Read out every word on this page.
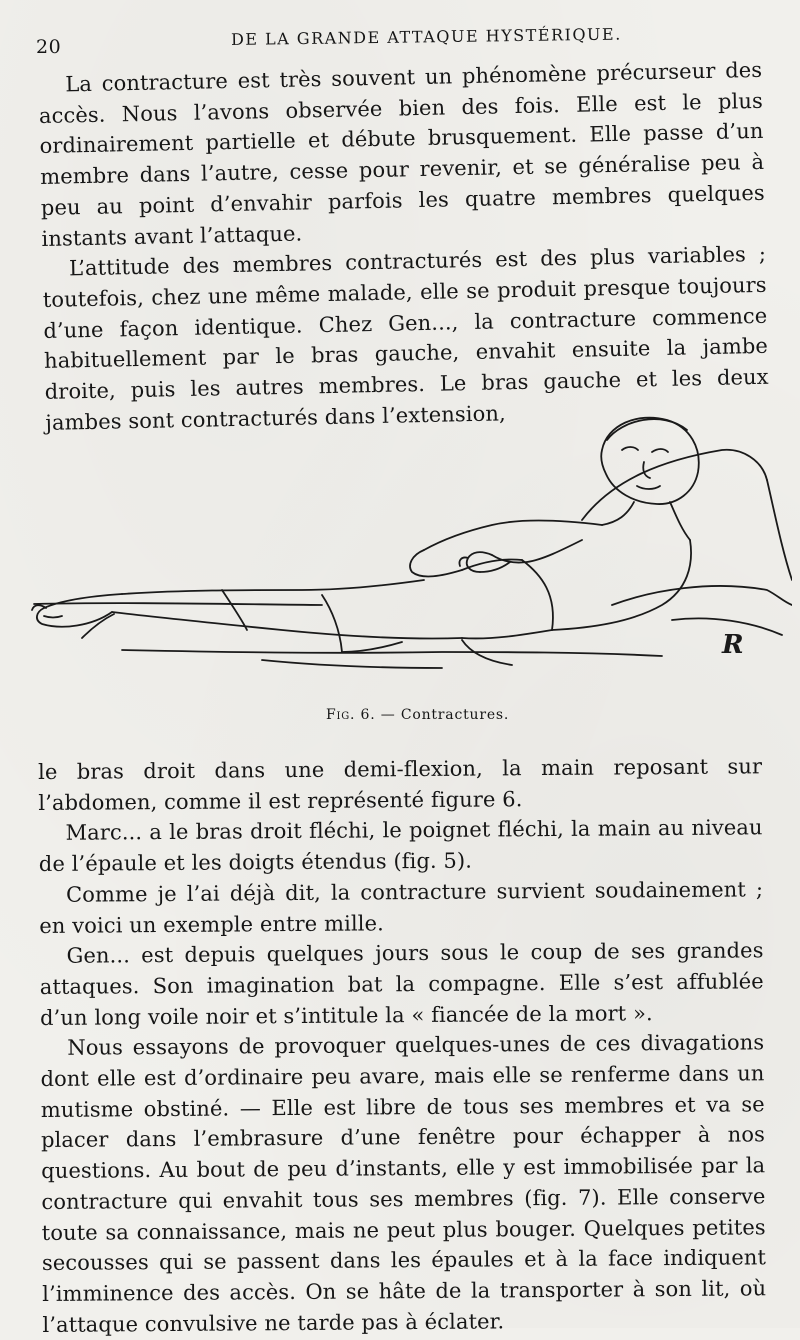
20	DE LA GRANDE ATTAQUE HYSTÉRIQUE.

La contracture est très souvent un phénomène précurseur des accès. Nous l’avons observée bien des fois. Elle est le plus ordinairement partielle et débute brusquement. Elle passe d’un membre dans l’autre, cesse pour revenir, et se généralise peu à peu au point d’envahir parfois les quatre membres quelques instants avant l’attaque.

L’attitude des membres contracturés est des plus variables ; toutefois, chez une même malade, elle se produit presque toujours d’une façon identique. Chez Gen..., la contracture commence habituellement par le bras gauche, envahit ensuite la jambe droite, puis les autres membres. Le bras gauche et les deux jambes sont contracturés dans l’extension,

R
Fig. 6. — Contractures.

le bras droit dans une demi-flexion, la main reposant sur l’abdomen, comme il est représenté figure 6.

Marc... a le bras droit fléchi, le poignet fléchi, la main au niveau de l’épaule et les doigts étendus (fig. 5).

Comme je l’ai déjà dit, la contracture survient soudainement ; en voici un exemple entre mille.

Gen... est depuis quelques jours sous le coup de ses grandes attaques. Son imagination bat la compagne. Elle s’est affublée d’un long voile noir et s’intitule la « fiancée de la mort ».

Nous essayons de provoquer quelques-unes de ces divagations dont elle est d’ordinaire peu avare, mais elle se renferme dans un mutisme obstiné. — Elle est libre de tous ses membres et va se placer dans l’embrasure d’une fenêtre pour échapper à nos questions. Au bout de peu d’instants, elle y est immobilisée par la contracture qui envahit tous ses membres (fig. 7). Elle conserve toute sa connaissance, mais ne peut plus bouger. Quelques petites secousses qui se passent dans les épaules et à la face indiquent l’imminence des accès. On se hâte de la transporter à son lit, où l’attaque convulsive ne tarde pas à éclater.
